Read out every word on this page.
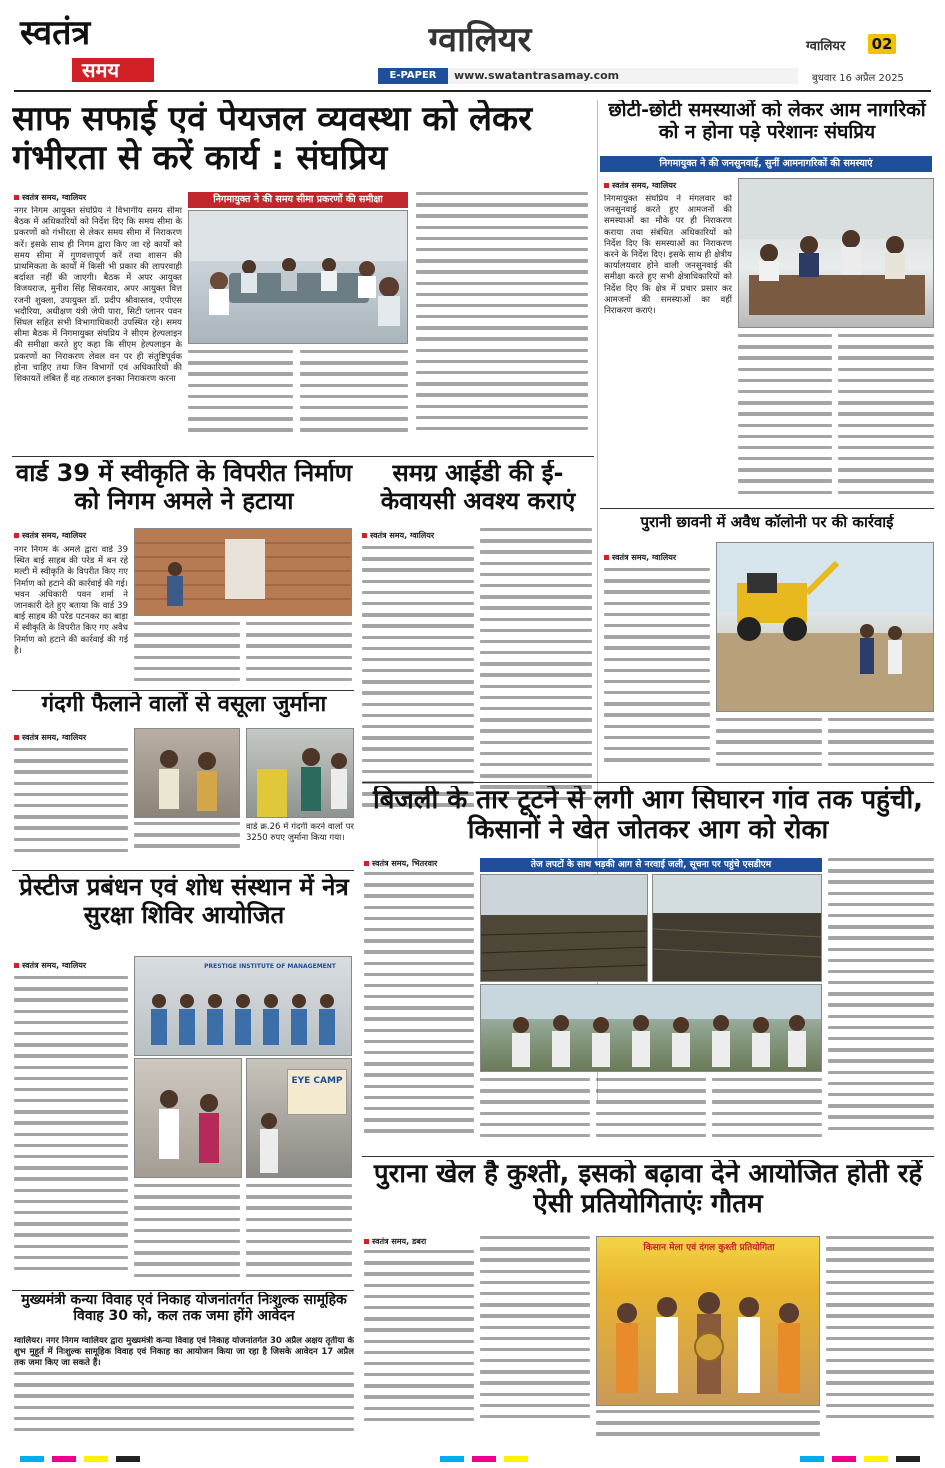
स्वतंत्र
समय
ग्वालियर
E-PAPER	www.swatantrasamay.com
ग्वालियर 02
बुधवार 16 अप्रैल 2025
साफ सफाई एवं पेयजल व्यवस्था को लेकर गंभीरता से करें कार्य : संघप्रिय
स्वतंत्र समय, ग्वालियर
नगर निगम आयुक्त संघप्रिय ने विभागीय समय सीमा बैठक में अधिकारियों को निर्देश दिए कि समय सीमा के प्रकरणों को गंभीरता से लेकर समय सीमा में निराकरण करें। इसके साथ ही निगम द्वारा किए जा रहे कार्यों को समय सीमा में गुणवत्तापूर्ण करें तथा शासन की प्राथमिकता के कार्यों में किसी भी प्रकार की लापरवाही बर्दाश्त नहीं की जाएगी। बैठक में अपर आयुक्त विजयराज, मुनीश सिंह सिकरवार, अपर आयुक्त वित्त रजनी शुक्ला, उपायुक्त डॉ. प्रदीप श्रीवास्तव, एपीएस भदौरिया, अधीक्षण यंत्री जेपी पारा, सिटी प्लानर पवन सिंघल सहित सभी विभागाधिकारी उपस्थित रहे। समय सीमा बैठक में निगमायुक्त संघप्रिय ने सीएम हेल्पलाइन की समीक्षा करते हुए कहा कि सीएम हेल्पलाइन के प्रकरणों का निराकरण लेवल वन पर ही संतुष्टिपूर्वक होना चाहिए तथा जिन विभागों एवं अधिकारियों की शिकायतें लंबित हैं वह तत्काल इनका निराकरण करना
निगमायुक्त ने की समय सीमा प्रकरणों की समीक्षा
छोटी-छोटी समस्याओं को लेकर आम नागरिकों को न होना पड़े परेशानः संघप्रिय
निगमायुक्त ने की जनसुनवाई, सुनीं आमनागरिकों की समस्याएं
स्वतंत्र समय, ग्वालियर
निगमायुक्त संघप्रिय ने मंगलवार को जनसुनवाई करते हुए आमजनों की समस्याओं का मौके पर ही निराकरण कराया तथा संबंधित अधिकारियों को निर्देश दिए कि समस्याओं का निराकरण करने के निर्देश दिए। इसके साथ ही क्षेत्रीय कार्यालयवार होने वाली जनसुनवाई की समीक्षा करते हुए सभी क्षेत्राधिकारियों को निर्देश दिए कि क्षेत्र में प्रचार प्रसार कर आमजनों की समस्याओं का वहीं निराकरण कराएं।
वार्ड 39 में स्वीकृति के विपरीत निर्माण को निगम अमले ने हटाया
स्वतंत्र समय, ग्वालियर
नगर निगम के अमले द्वारा वार्ड 39 स्थित बाई साहब की परेड में बन रहे मल्टी में स्वीकृति के विपरीत किए गए निर्माण को हटाने की कार्रवाई की गई। भवन अधिकारी पवन शर्मा ने जानकारी देते हुए बताया कि वार्ड 39 बाई साहब की परेड पटनकर का बाड़ा में स्वीकृति के विपरीत किए गए अवैध निर्माण को हटाने की कार्रवाई की गई है।
समग्र आईडी की ई-केवायसी अवश्य कराएं
स्वतंत्र समय, ग्वालियर
पुरानी छावनी में अवैध कॉलोनी पर की कार्रवाई
स्वतंत्र समय, ग्वालियर
गंदगी फैलाने वालों से वसूला जुर्माना
स्वतंत्र समय, ग्वालियर
वार्ड क्र.26 में गंदगी करने वालों पर 3250 रुपए जुर्माना किया गया।
बिजली के तार टूटने से लगी आग सिघारन गांव तक पहुंची, किसानों ने खेत जोतकर आग को रोका
स्वतंत्र समय, भितरवार	तेज लपटों के साथ भड़की आग से नरवाई जली, सूचना पर पहुंचे एसडीएम
प्रेस्टीज प्रबंधन एवं शोध संस्थान में नेत्र सुरक्षा शिविर आयोजित
स्वतंत्र समय, ग्वालियर	PRESTIGE INSTITUTE OF MANAGEMENT
EYE CAMP
मुख्यमंत्री कन्या विवाह एवं निकाह योजनांतर्गत निःशुल्क सामूहिक विवाह 30 को, कल तक जमा होंगे आवेदन
ग्वालियर। नगर निगम ग्वालियर द्वारा मुख्यमंत्री कन्या विवाह एवं निकाह योजनांतर्गत 30 अप्रैल अक्षय तृतीया के शुभ मुहूर्त में निःशुल्क सामूहिक विवाह एवं निकाह का आयोजन किया जा रहा है जिसके आवेदन 17 अप्रैल तक जमा किए जा सकते हैं।
पुराना खेल है कुश्ती, इसको बढ़ावा देने आयोजित होती रहें ऐसी प्रतियोगिताएंः गौतम
स्वतंत्र समय, डबरा
किसान मेला एवं दंगल कुश्ती प्रतियोगिता
